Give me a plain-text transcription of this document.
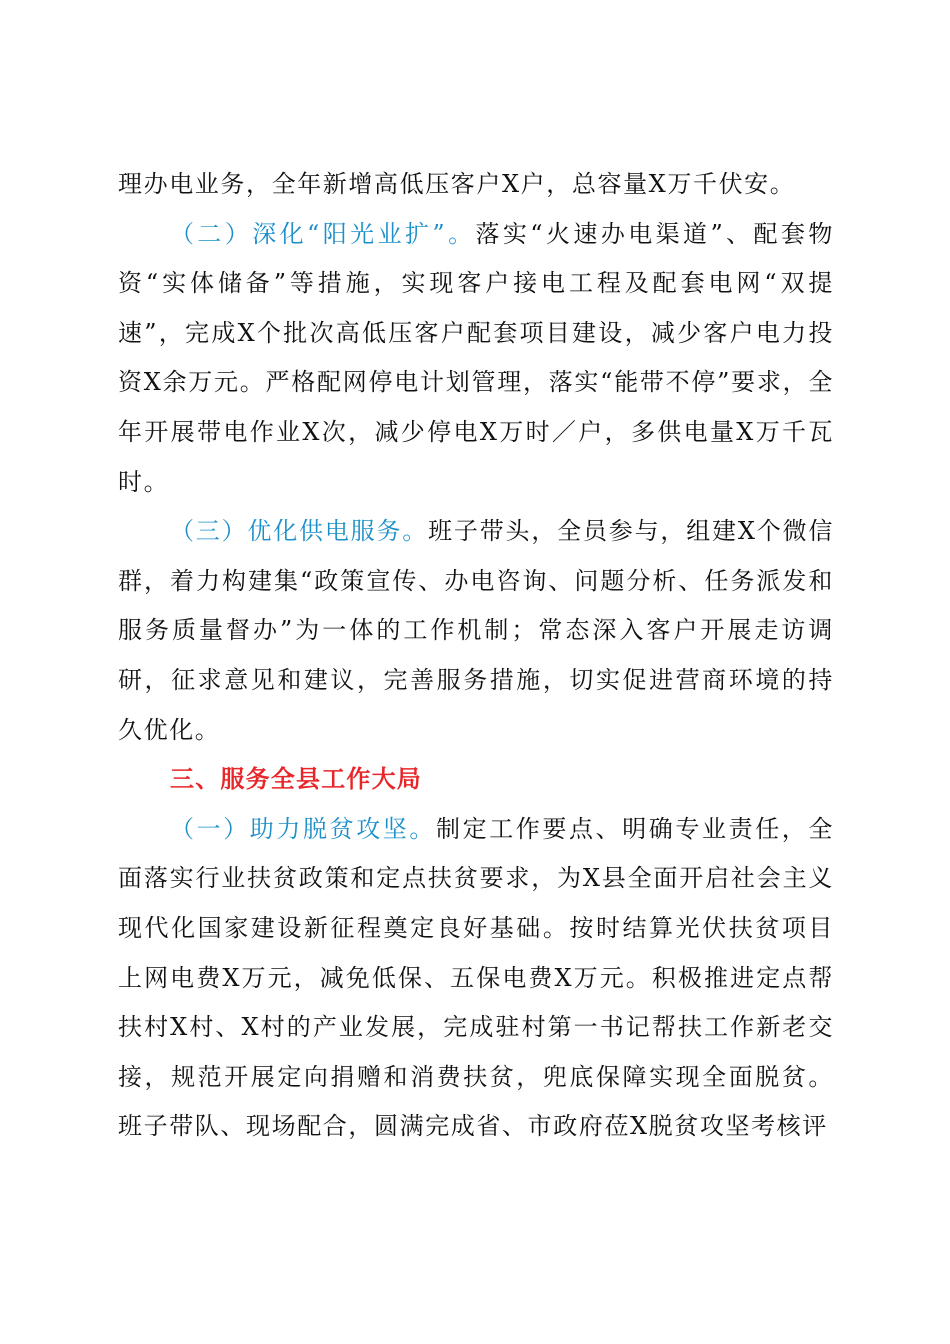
理办电业务，全年新增高低压客户X户，总容量X万千伏安。

（二）深化“阳光业扩”。落实“火速办电渠道”、配套物资“实体储备”等措施，实现客户接电工程及配套电网“双提速”，完成X个批次高低压客户配套项目建设，减少客户电力投资X余万元。严格配网停电计划管理，落实“能带不停”要求，全年开展带电作业X次，减少停电X万时／户，多供电量X万千瓦时。

（三）优化供电服务。班子带头，全员参与，组建X个微信群，着力构建集“政策宣传、办电咨询、问题分析、任务派发和服务质量督办”为一体的工作机制；常态深入客户开展走访调研，征求意见和建议，完善服务措施，切实促进营商环境的持久优化。

三、服务全县工作大局

（一）助力脱贫攻坚。制定工作要点、明确专业责任，全面落实行业扶贫政策和定点扶贫要求，为X县全面开启社会主义现代化国家建设新征程奠定良好基础。按时结算光伏扶贫项目上网电费X万元，减免低保、五保电费X万元。积极推进定点帮扶村X村、X村的产业发展，完成驻村第一书记帮扶工作新老交接，规范开展定向捐赠和消费扶贫，兜底保障实现全面脱贫。班子带队、现场配合，圆满完成省、市政府莅X脱贫攻坚考核评
